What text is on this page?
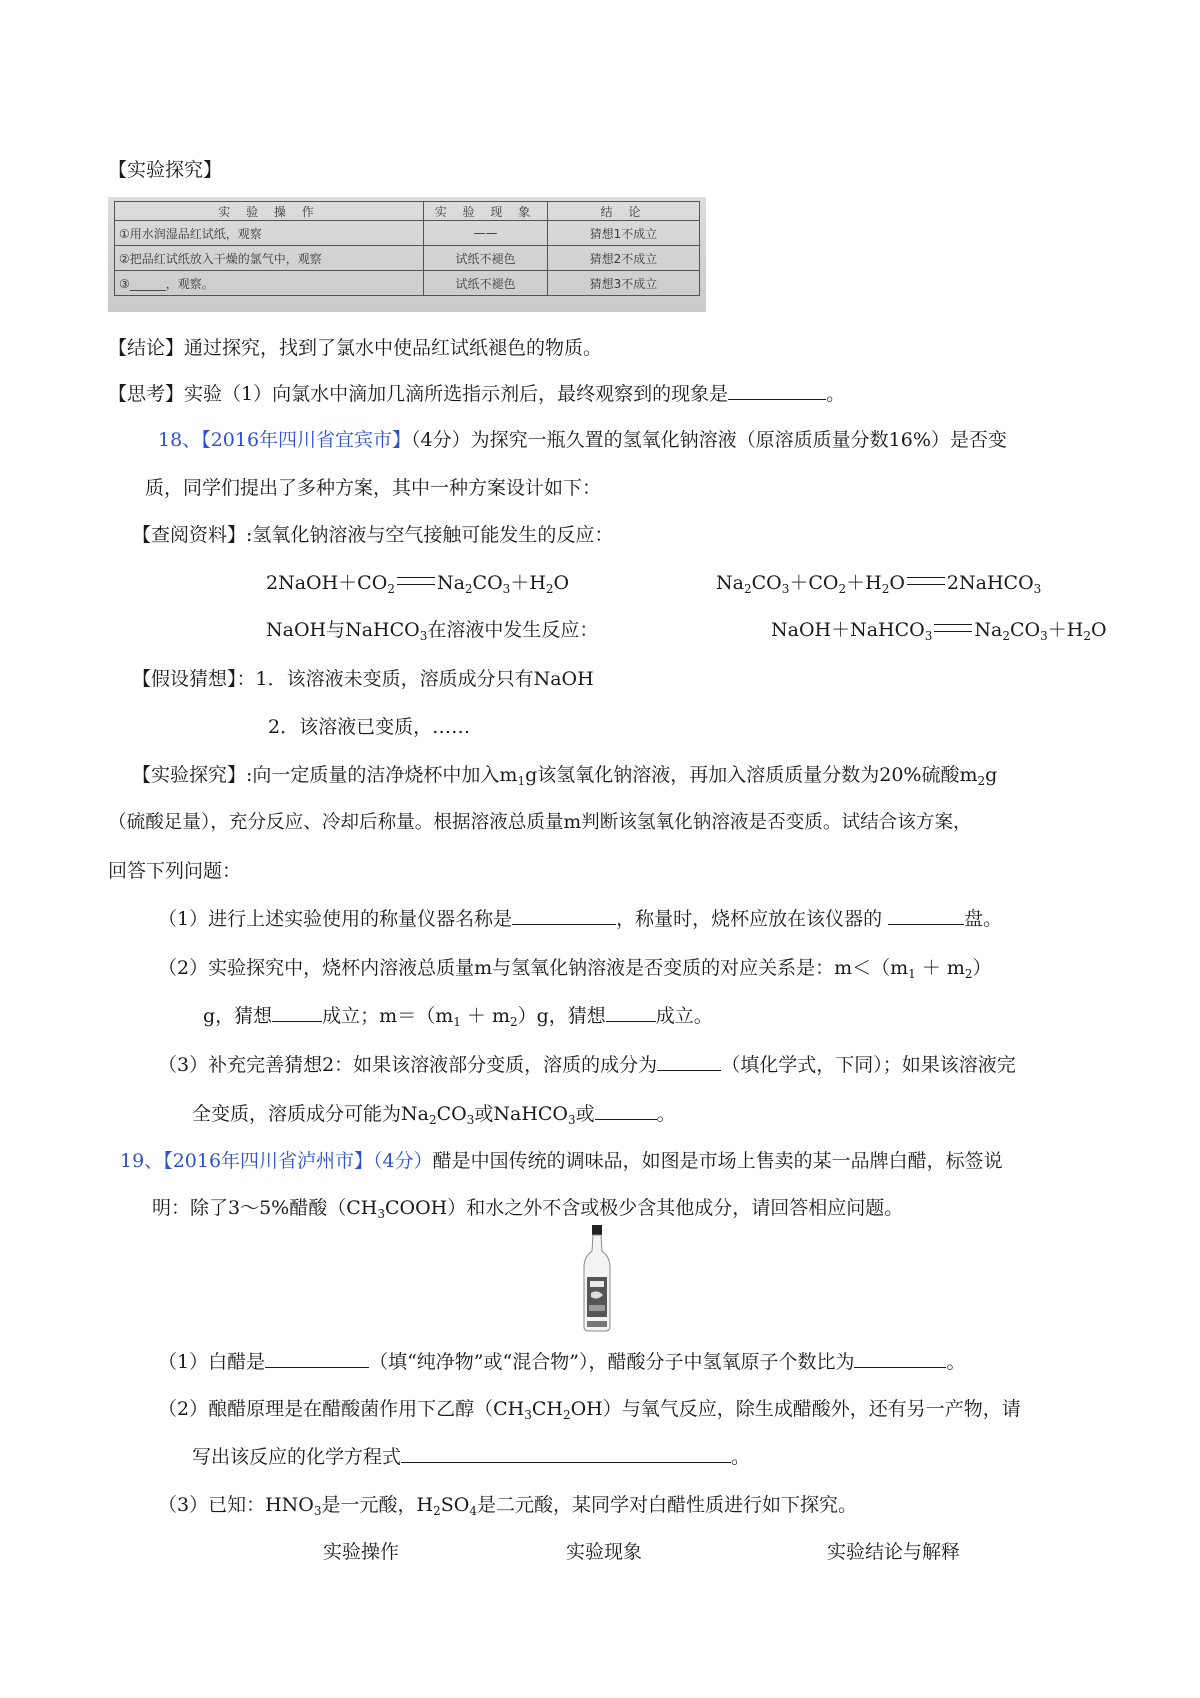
【实验探究】
实 验 操 作	实 验 现 象	结 论
①用水润湿品红试纸，观察	——	猜想1不成立
②把品红试纸放入干燥的氯气中，观察	试纸不褪色	猜想2不成立
③______，观察。	试纸不褪色	猜想3不成立
【结论】通过探究，找到了氯水中使品红试纸褪色的物质。
【思考】实验（1）向氯水中滴加几滴所选指示剂后，最终观察到的现象是	。
18、【2016年四川省宜宾市】（4分）为探究一瓶久置的氢氧化钠溶液（原溶质质量分数16%）是否变
质，同学们提出了多种方案，其中一种方案设计如下：
【查阅资料】:氢氧化钠溶液与空气接触可能发生的反应：
$2NaOH+CO_2$ $Na_2CO_3+H_2O$	$Na_2CO_3+CO_2+H_2O$ 2NaHCO$_3$
NaOH与NaHCO$_3$在溶液中发生反应：	NaOH＋NaHCO$_3$ $Na_2CO_3+H_2O$
【假设猜想】：1．该溶液未变质，溶质成分只有NaOH
2．该溶液已变质，……
【实验探究】:向一定质量的洁净烧杯中加入$m_1g$该氢氧化钠溶液，再加入溶质质量分数为20%硫酸$m_2g$
（硫酸足量），充分反应、冷却后称量。根据溶液总质量m判断该氢氧化钠溶液是否变质。试结合该方案，
回答下列问题：
（1）进行上述实验使用的称量仪器名称是	，称量时，烧杯应放在该仪器的	盘。
（2）实验探究中，烧杯内溶液总质量m与氢氧化钠溶液是否变质的对应关系是：$m<(m_1 + m_2)$
g，猜想	成立；$m=(m_1 + m_2)g$，猜想	成立。
（3）补充完善猜想2：如果该溶液部分变质，溶质的成分为	（填化学式，下同）；如果该溶液完
全变质，溶质成分可能为$Na_2CO_3$或NaHCO$_3$或	。
19、【2016年四川省泸州市】（4分）醋是中国传统的调味品，如图是市场上售卖的某一品牌白醋，标签说
明：除了3～5%醋酸$(CH_3COOH)$和水之外不含或极少含其他成分，请回答相应问题。
（1）白醋是	（填“纯净物”或“混合物”），醋酸分子中氢氧原子个数比为	。
（2）酿醋原理是在醋酸菌作用下乙醇$(CH_3CH_2OH)$与氧气反应，除生成醋酸外，还有另一产物，请
写出该反应的化学方程式	。
（3）已知：$HNO_3$是一元酸，$H_2SO_4$是二元酸，某同学对白醋性质进行如下探究。
实验操作	实验现象	实验结论与解释
